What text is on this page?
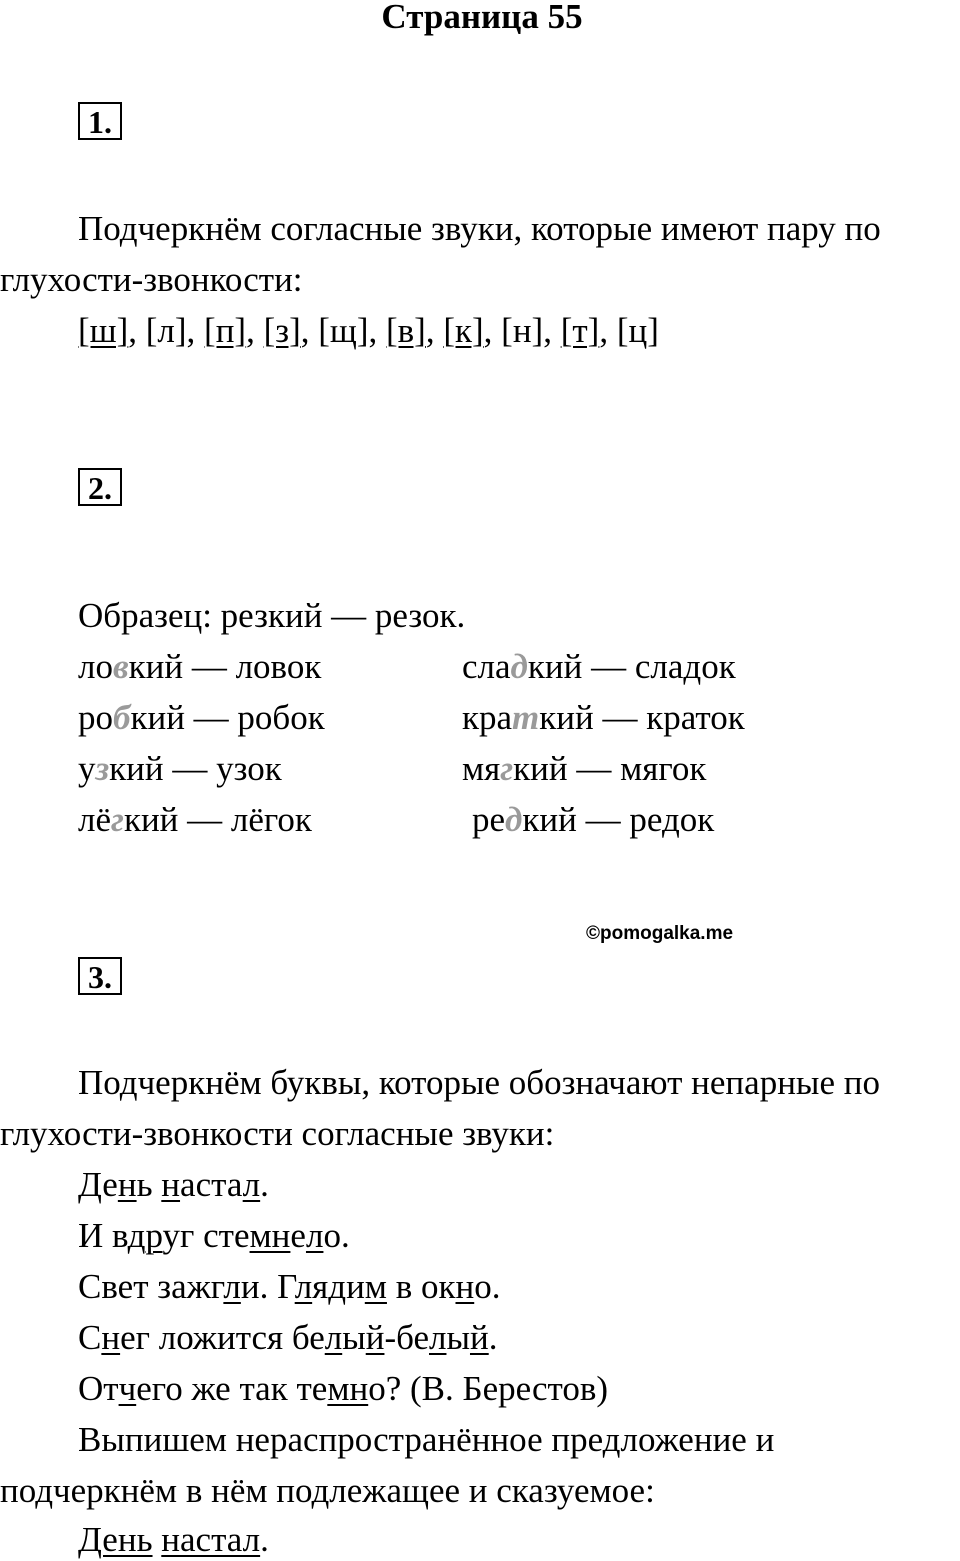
Страница 55
1.
Подчеркнём согласные звуки, которые имеют пару по
глухости-звонкости:
[ш], [л], [п], [з], [щ], [в], [к], [н], [т], [ц]
2.
Образец: резкий — резок.
ловкий — ловок
робкий — робок
узкий — узок
лёгкий — лёгок
сладкий — сладок
краткий — краток
мягкий — мягок
редкий — редок
©pomogalka.me
3.
Подчеркнём буквы, которые обозначают непарные по
глухости-звонкости согласные звуки:
День настал.
И вдруг стемнело.
Свет зажгли. Глядим в окно.
Снег ложится белый-белый.
Отчего же так темно? (В. Берестов)
Выпишем нераспространённое предложение и
подчеркнём в нём подлежащее и сказуемое:
День настал.
